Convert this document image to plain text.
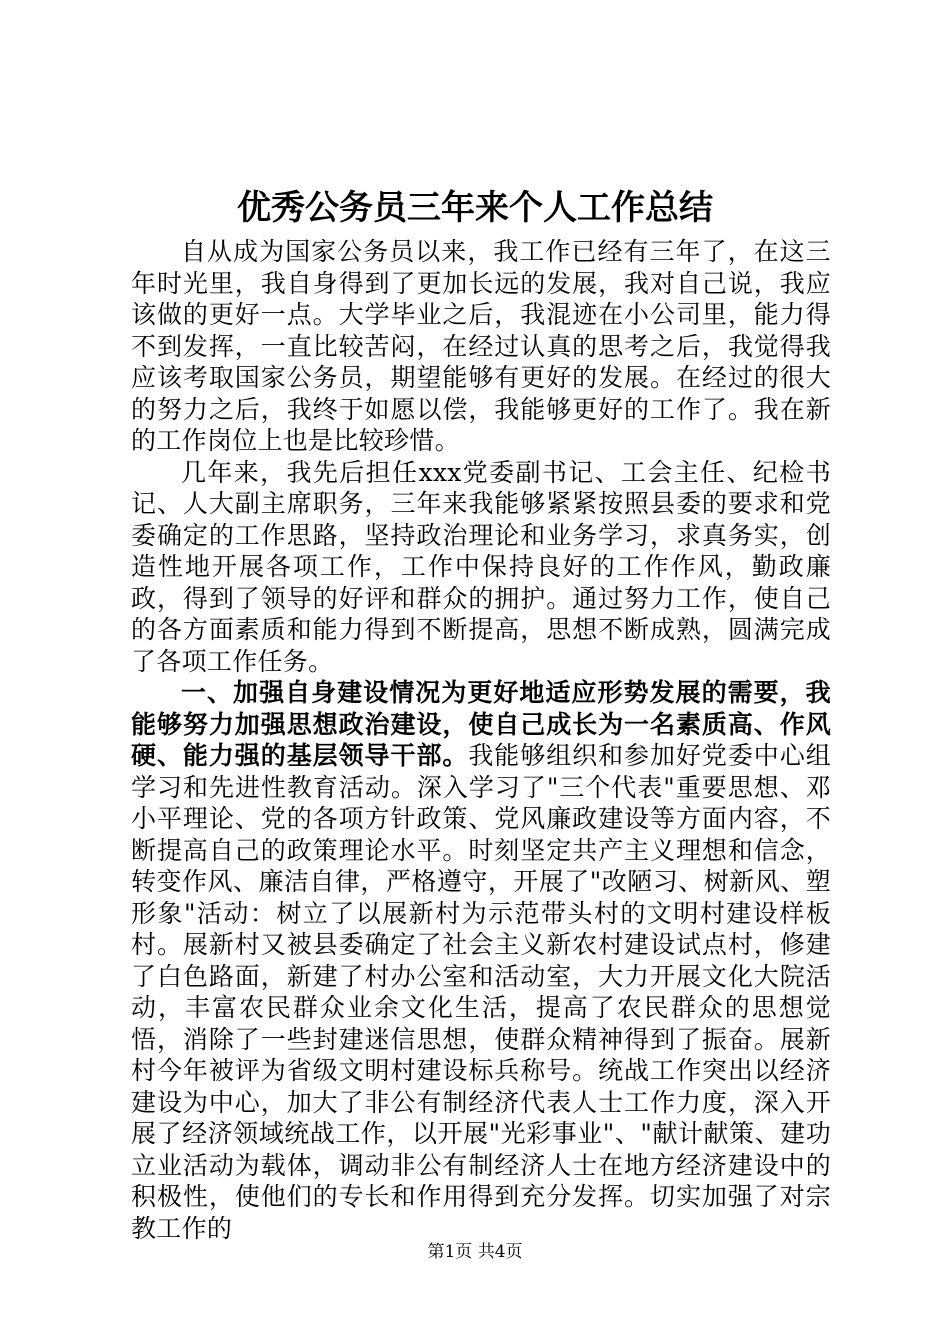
优秀公务员三年来个人工作总结

自从成为国家公务员以来，我工作已经有三年了，在这三年时光里，我自身得到了更加长远的发展，我对自己说，我应该做的更好一点。大学毕业之后，我混迹在小公司里，能力得不到发挥，一直比较苦闷，在经过认真的思考之后，我觉得我应该考取国家公务员，期望能够有更好的发展。在经过的很大的努力之后，我终于如愿以偿，我能够更好的工作了。我在新的工作岗位上也是比较珍惜。

几年来，我先后担任xxx党委副书记、工会主任、纪检书记、人大副主席职务，三年来我能够紧紧按照县委的要求和党委确定的工作思路，坚持政治理论和业务学习，求真务实，创造性地开展各项工作，工作中保持良好的工作作风，勤政廉政，得到了领导的好评和群众的拥护。通过努力工作，使自己的各方面素质和能力得到不断提高，思想不断成熟，圆满完成了各项工作任务。

一、加强自身建设情况为更好地适应形势发展的需要，我能够努力加强思想政治建设，使自己成长为一名素质高、作风硬、能力强的基层领导干部。我能够组织和参加好党委中心组学习和先进性教育活动。深入学习了"三个代表"重要思想、邓小平理论、党的各项方针政策、党风廉政建设等方面内容，不断提高自己的政策理论水平。时刻坚定共产主义理想和信念，转变作风、廉洁自律，严格遵守，开展了"改陋习、树新风、塑形象"活动：树立了以展新村为示范带头村的文明村建设样板村。展新村又被县委确定了社会主义新农村建设试点村，修建了白色路面，新建了村办公室和活动室，大力开展文化大院活动，丰富农民群众业余文化生活，提高了农民群众的思想觉悟，消除了一些封建迷信思想，使群众精神得到了振奋。展新村今年被评为省级文明村建设标兵称号。统战工作突出以经济建设为中心，加大了非公有制经济代表人士工作力度，深入开展了经济领域统战工作，以开展"光彩事业"、"献计献策、建功立业活动为载体，调动非公有制经济人士在地方经济建设中的积极性，使他们的专长和作用得到充分发挥。切实加强了对宗教工作的

第1页 共4页
